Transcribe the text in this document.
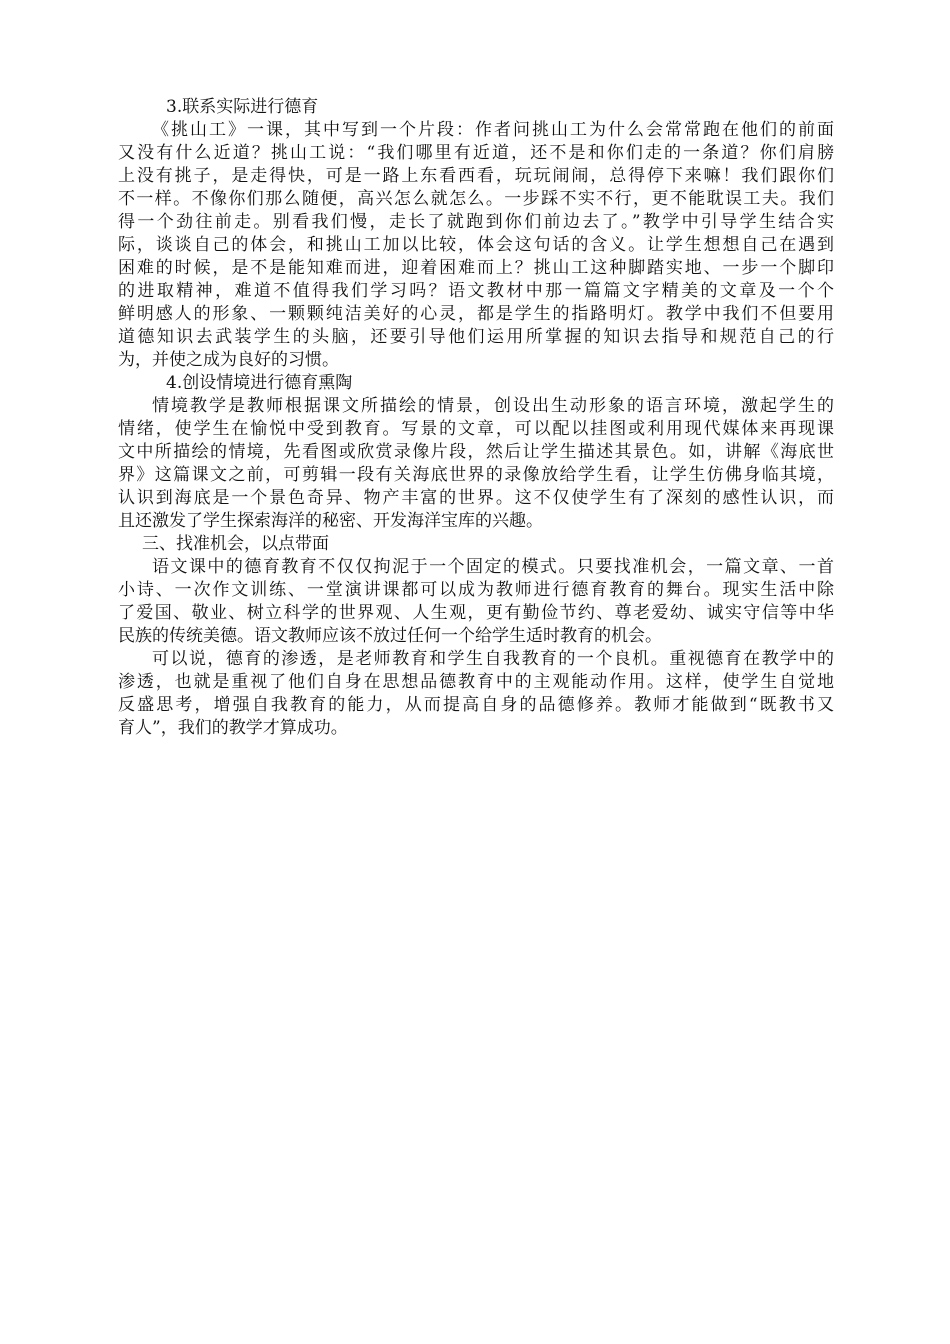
3.联系实际进行德育
《挑山工》一课，其中写到一个片段：作者问挑山工为什么会常常跑在他们的前面
又没有什么近道？挑山工说：“我们哪里有近道，还不是和你们走的一条道？你们肩膀
上没有挑子，是走得快，可是一路上东看西看，玩玩闹闹，总得停下来嘛！我们跟你们
不一样。不像你们那么随便，高兴怎么就怎么。一步踩不实不行，更不能耽误工夫。我们
得一个劲往前走。别看我们慢，走长了就跑到你们前边去了。”教学中引导学生结合实
际，谈谈自己的体会，和挑山工加以比较，体会这句话的含义。让学生想想自己在遇到
困难的时候，是不是能知难而进，迎着困难而上？挑山工这种脚踏实地、一步一个脚印
的进取精神，难道不值得我们学习吗？语文教材中那一篇篇文字精美的文章及一个个
鲜明感人的形象、一颗颗纯洁美好的心灵，都是学生的指路明灯。教学中我们不但要用
道德知识去武装学生的头脑，还要引导他们运用所掌握的知识去指导和规范自己的行
为，并使之成为良好的习惯。
4.创设情境进行德育熏陶
情境教学是教师根据课文所描绘的情景，创设出生动形象的语言环境，激起学生的
情绪，使学生在愉悦中受到教育。写景的文章，可以配以挂图或利用现代媒体来再现课
文中所描绘的情境，先看图或欣赏录像片段，然后让学生描述其景色。如，讲解《海底世
界》这篇课文之前，可剪辑一段有关海底世界的录像放给学生看，让学生仿佛身临其境，
认识到海底是一个景色奇异、物产丰富的世界。这不仅使学生有了深刻的感性认识，而
且还激发了学生探索海洋的秘密、开发海洋宝库的兴趣。
三、找准机会，以点带面
语文课中的德育教育不仅仅拘泥于一个固定的模式。只要找准机会，一篇文章、一首
小诗、一次作文训练、一堂演讲课都可以成为教师进行德育教育的舞台。现实生活中除
了爱国、敬业、树立科学的世界观、人生观，更有勤俭节约、尊老爱幼、诚实守信等中华
民族的传统美德。语文教师应该不放过任何一个给学生适时教育的机会。
可以说，德育的渗透，是老师教育和学生自我教育的一个良机。重视德育在教学中的
渗透，也就是重视了他们自身在思想品德教育中的主观能动作用。这样，使学生自觉地
反盛思考，增强自我教育的能力，从而提高自身的品德修养。教师才能做到“既教书又
育人”，我们的教学才算成功。
